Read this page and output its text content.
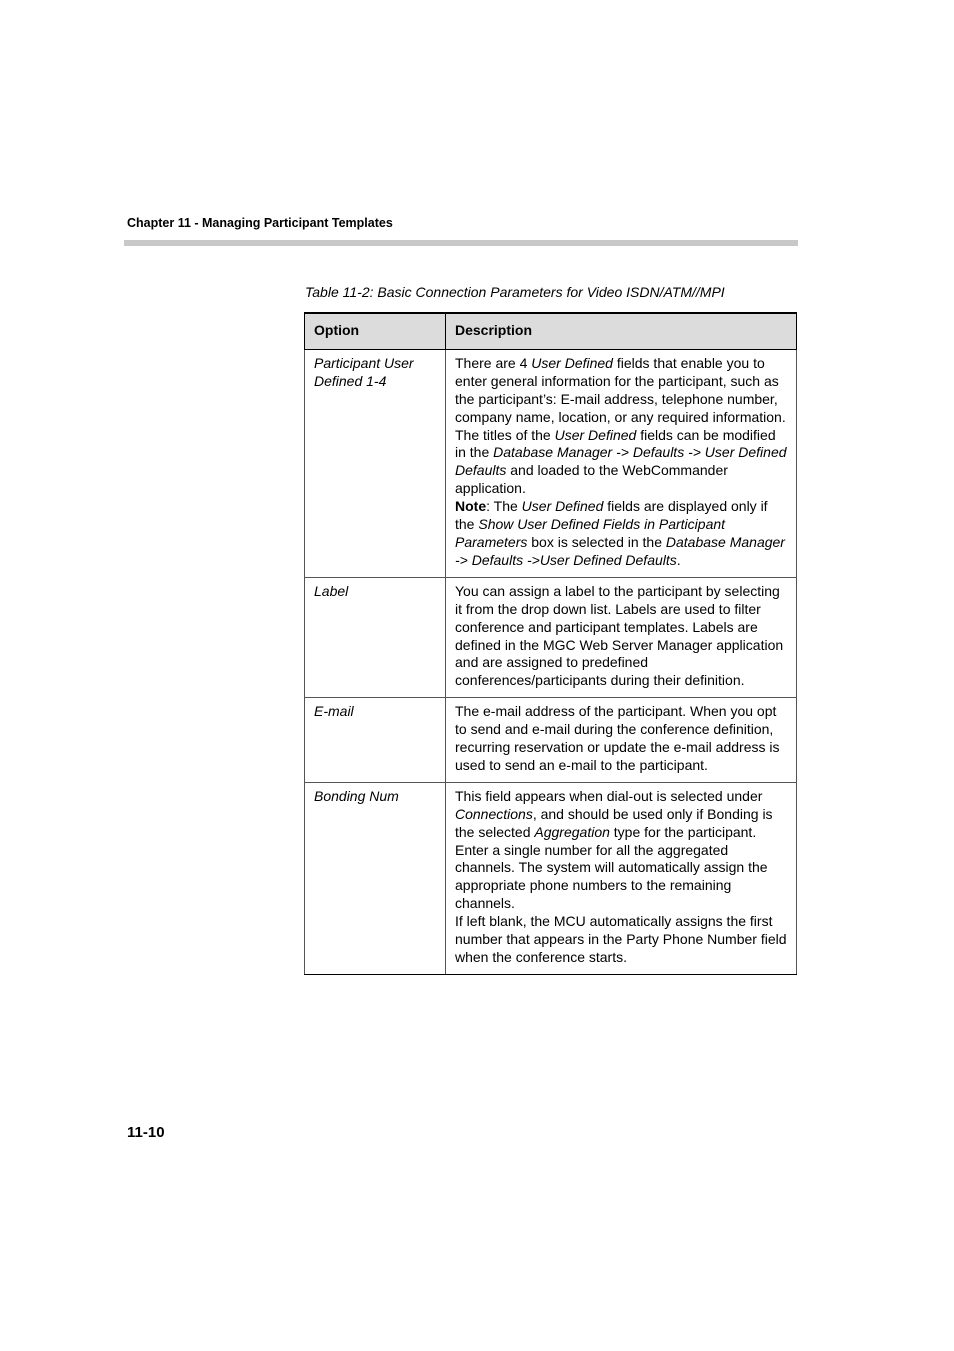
Chapter 11 - Managing Participant Templates
Table 11-2: Basic Connection Parameters for Video ISDN/ATM//MPI
Option	Description
Participant User Defined 1-4	There are 4 User Defined fields that enable you to enter general information for the participant, such as the participant’s: E-mail address, telephone number, company name, location, or any required information.
The titles of the User Defined fields can be modified in the Database Manager -> Defaults -> User Defined Defaults and loaded to the WebCommander application.
Note: The User Defined fields are displayed only if the Show User Defined Fields in Participant Parameters box is selected in the Database Manager -> Defaults ->User Defined Defaults.

Label	You can assign a label to the participant by selecting it from the drop down list. Labels are used to filter conference and participant templates. Labels are defined in the MGC Web Server Manager application and are assigned to predefined conferences/participants during their definition.

E-mail	The e-mail address of the participant. When you opt to send and e-mail during the conference definition, recurring reservation or update the e-mail address is used to send an e-mail to the participant.

Bonding Num	This field appears when dial-out is selected under Connections, and should be used only if Bonding is the selected Aggregation type for the participant.
Enter a single number for all the aggregated channels. The system will automatically assign the appropriate phone numbers to the remaining channels.
If left blank, the MCU automatically assigns the first number that appears in the Party Phone Number field when the conference starts.
11-10
